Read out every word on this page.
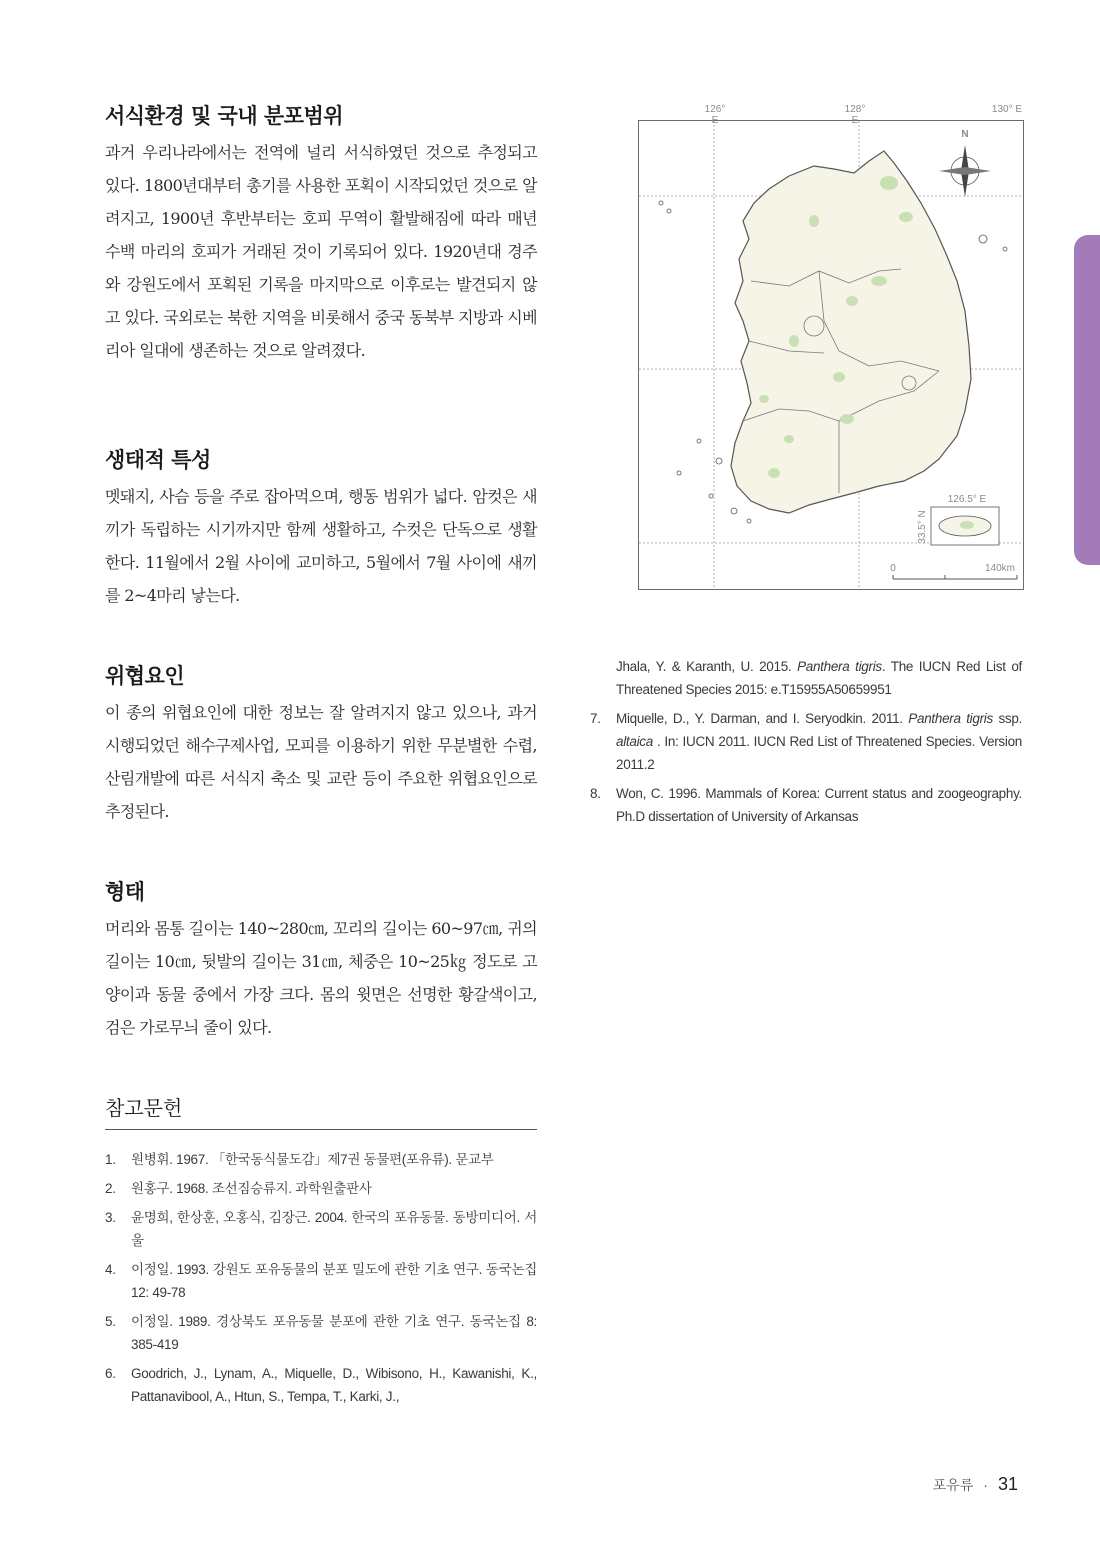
서식환경 및 국내 분포범위

과거 우리나라에서는 전역에 널리 서식하였던 것으로 추정되고 있다. 1800년대부터 총기를 사용한 포획이 시작되었던 것으로 알려지고, 1900년 후반부터는 호피 무역이 활발해짐에 따라 매년 수백 마리의 호피가 거래된 것이 기록되어 있다. 1920년대 경주와 강원도에서 포획된 기록을 마지막으로 이후로는 발견되지 않고 있다. 국외로는 북한 지역을 비롯해서 중국 동북부 지방과 시베리아 일대에 생존하는 것으로 알려졌다.

생태적 특성

멧돼지, 사슴 등을 주로 잡아먹으며, 행동 범위가 넓다. 암컷은 새끼가 독립하는 시기까지만 함께 생활하고, 수컷은 단독으로 생활한다. 11월에서 2월 사이에 교미하고, 5월에서 7월 사이에 새끼를 2~4마리 낳는다.

위협요인

이 종의 위협요인에 대한 정보는 잘 알려지지 않고 있으나, 과거 시행되었던 해수구제사업, 모피를 이용하기 위한 무분별한 수렵, 산림개발에 따른 서식지 축소 및 교란 등이 주요한 위협요인으로 추정된다.

형태

머리와 몸통 길이는 140~280㎝, 꼬리의 길이는 60~97㎝, 귀의 길이는 10㎝, 뒷발의 길이는 31㎝, 체중은 10~25㎏ 정도로 고양이과 동물 중에서 가장 크다. 몸의 윗면은 선명한 황갈색이고, 검은 가로무늬 줄이 있다.

참고문헌
1. 원병휘. 1967. 「한국동식물도감」제7권 동물편(포유류). 문교부
2. 원홍구. 1968. 조선짐승류지. 과학원출판사
3. 윤명희, 한상훈, 오홍식, 김장근. 2004. 한국의 포유동물. 동방미디어. 서울
4. 이정일. 1993. 강원도 포유동물의 분포 밀도에 관한 기초 연구. 동국논집 12: 49-78
5. 이정일. 1989. 경상북도 포유동물 분포에 관한 기초 연구. 동국논집 8: 385-419
6. Goodrich, J., Lynam, A., Miquelle, D., Wibisono, H., Kawanishi, K., Pattanavibool, A., Htun, S., Tempa, T., Karki, J.,
N
0	140km
126.5° E
33.5° N
126° E
128° E
130° E
Jhala, Y. & Karanth, U. 2015. Panthera tigris. The IUCN Red List of Threatened Species 2015: e.T15955A50659951
7. Miquelle, D., Y. Darman, and I. Seryodkin. 2011. Panthera tigris ssp. altaica . In: IUCN 2011. IUCN Red List of Threatened Species. Version 2011.2
8. Won, C. 1996. Mammals of Korea: Current status and zoogeography. Ph.D dissertation of University of Arkansas
포유류 · 31
